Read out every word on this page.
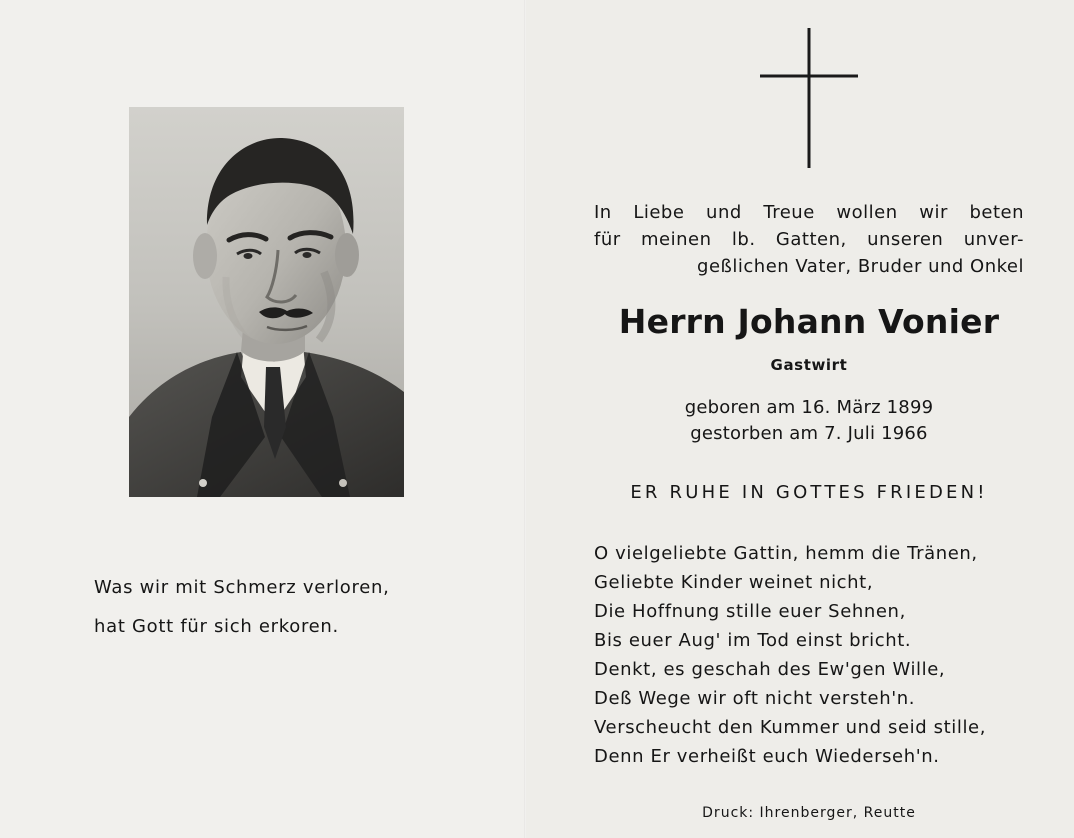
Was wir mit Schmerz verloren,
hat Gott für sich erkoren.
In Liebe und Treue wollen wir beten
für meinen lb. Gatten, unseren unver-
geßlichen Vater, Bruder und Onkel
Herrn Johann Vonier
Gastwirt
geboren am 16. März 1899
gestorben am 7. Juli 1966
ER RUHE IN GOTTES FRIEDEN!
O vielgeliebte Gattin, hemm die Tränen,
Geliebte Kinder weinet nicht,
Die Hoffnung stille euer Sehnen,
Bis euer Aug' im Tod einst bricht.
Denkt, es geschah des Ew'gen Wille,
Deß Wege wir oft nicht versteh'n.
Verscheucht den Kummer und seid stille,
Denn Er verheißt euch Wiederseh'n.
Druck: Ihrenberger, Reutte
